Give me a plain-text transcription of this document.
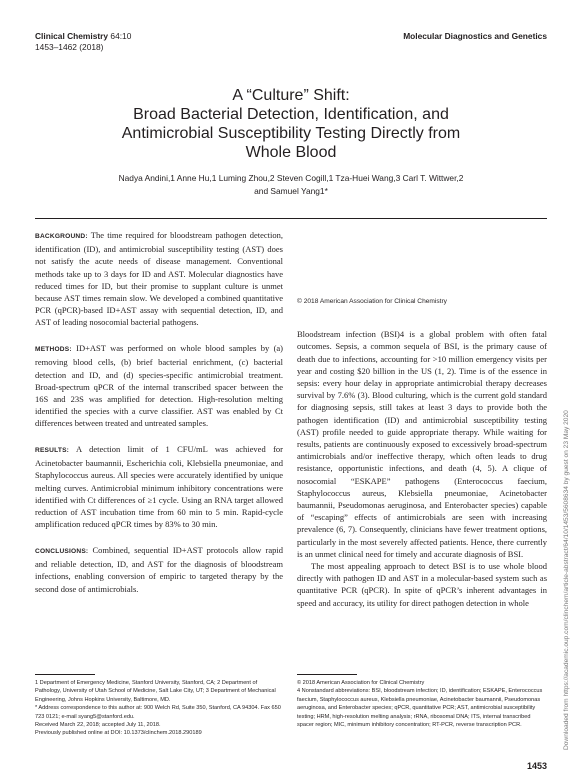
Clinical Chemistry 64:10
1453–1462 (2018)
Molecular Diagnostics and Genetics
A “Culture” Shift:
Broad Bacterial Detection, Identification, and
Antimicrobial Susceptibility Testing Directly from
Whole Blood
Nadya Andini,1 Anne Hu,1 Luming Zhou,2 Steven Cogill,1 Tza-Huei Wang,3 Carl T. Wittwer,2
and Samuel Yang1*

BACKGROUND: The time required for bloodstream pathogen detection, identification (ID), and antimicrobial susceptibility testing (AST) does not satisfy the acute needs of disease management. Conventional methods take up to 3 days for ID and AST. Molecular diagnostics have reduced times for ID, but their promise to supplant culture is unmet because AST times remain slow. We developed a combined quantitative PCR (qPCR)-based ID+AST assay with sequential detection, ID, and AST of leading nosocomial bacterial pathogens.

METHODS: ID+AST was performed on whole blood samples by (a) removing blood cells, (b) brief bacterial enrichment, (c) bacterial detection and ID, and (d) species-specific antimicrobial treatment. Broad-spectrum qPCR of the internal transcribed spacer between the 16S and 23S was amplified for detection. High-resolution melting identified the species with a curve classifier. AST was enabled by Ct differences between treated and untreated samples.

RESULTS: A detection limit of 1 CFU/mL was achieved for Acinetobacter baumannii, Escherichia coli, Klebsiella pneumoniae, and Staphylococcus aureus. All species were accurately identified by unique melting curves. Antimicrobial minimum inhibitory concentrations were identified with Ct differences of ≥1 cycle. Using an RNA target allowed reduction of AST incubation time from 60 min to 5 min. Rapid-cycle amplification reduced qPCR times by 83% to 30 min.

CONCLUSIONS: Combined, sequential ID+AST protocols allow rapid and reliable detection, ID, and AST for the diagnosis of bloodstream infections, enabling conversion of empiric to targeted therapy by the second dose of antimicrobials.

© 2018 American Association for Clinical Chemistry

Bloodstream infection (BSI)4 is a global problem with often fatal outcomes. Sepsis, a common sequela of BSI, is the primary cause of death due to infections, accounting for >10 million emergency visits per year and costing $20 billion in the US (1, 2). Time is of the essence in sepsis: every hour delay in appropriate antimicrobial therapy decreases survival by 7.6% (3). Blood culturing, which is the current gold standard for diagnosing sepsis, still takes at least 3 days to provide both the pathogen identification (ID) and antimicrobial susceptibility testing (AST) profile needed to guide appropriate therapy. While waiting for results, patients are continuously exposed to excessively broad-spectrum antimicrobials and/or ineffective therapy, which often leads to drug resistance, opportunistic infections, and death (4, 5). A clique of nosocomial “ESKAPE” pathogens (Enterococcus faecium, Staphylococcus aureus, Klebsiella pneumoniae, Acinetobacter baumannii, Pseudomonas aeruginosa, and Enterobacter species) capable of “escaping” effects of antimicrobials are seen with increasing prevalence (6, 7). Consequently, clinicians have fewer treatment options, particularly in the most severely affected patients. Hence, there currently is an unmet clinical need for timely and accurate diagnosis of BSI.

The most appealing approach to detect BSI is to use whole blood directly with pathogen ID and AST in a molecular-based system such as quantitative PCR (qPCR). In spite of qPCR’s inherent advantages in speed and accuracy, its utility for direct pathogen detection in whole

1 Department of Emergency Medicine, Stanford University, Stanford, CA; 2 Department of Pathology, University of Utah School of Medicine, Salt Lake City, UT; 3 Department of Mechanical Engineering, Johns Hopkins University, Baltimore, MD.
* Address correspondence to this author at: 900 Welch Rd, Suite 350, Stanford, CA 94304. Fax 650 723 0121; e-mail syang5@stanford.edu.
Received March 22, 2018; accepted July 11, 2018.
Previously published online at DOI: 10.1373/clinchem.2018.290189
© 2018 American Association for Clinical Chemistry
4 Nonstandard abbreviations: BSI, bloodstream infection; ID, identification; ESKAPE, Enterococcus faecium, Staphylococcus aureus, Klebsiella pneumoniae, Acinetobacter baumannii, Pseudomonas aeruginosa, and Enterobacter species; qPCR, quantitative PCR; AST, antimicrobial susceptibility testing; HRM, high-resolution melting analysis; rRNA, ribosomal DNA; ITS, internal transcribed spacer region; MIC, minimum inhibitory concentration; RT-PCR, reverse transcription PCR.
1453
Downloaded from https://academic.oup.com/clinchem/article-abstract/64/10/1453/5608634 by guest on 23 May 2020
